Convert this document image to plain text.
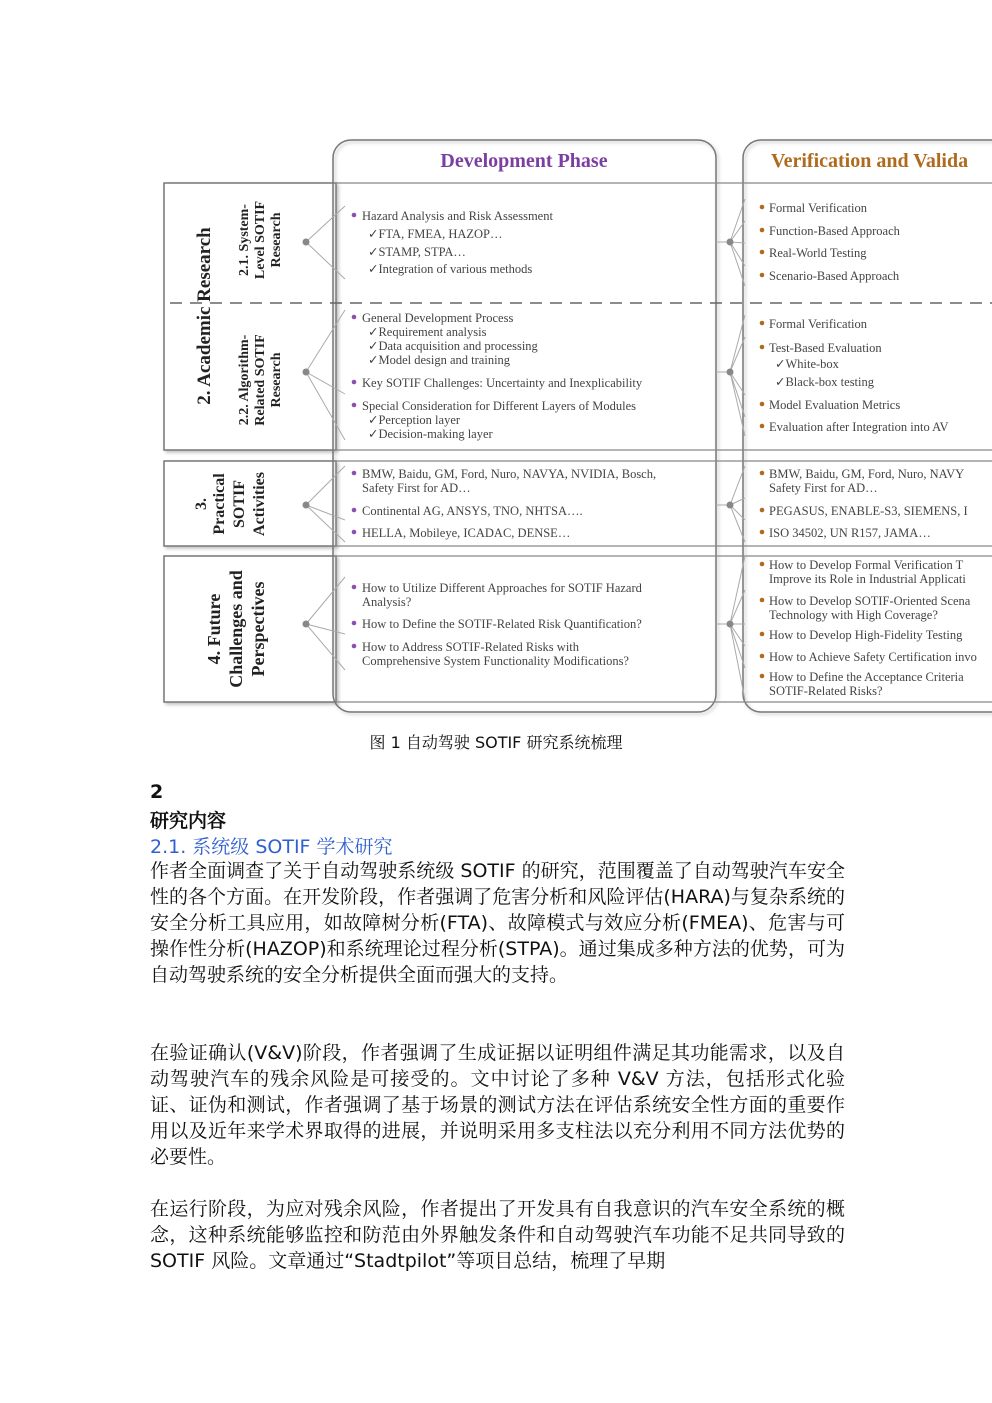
Development Phase	Verification and Valida
2. Academic Research 2.1. System- Level SOTIF Research
2.2. Algorithm- Related SOTIF Research
3. Practical SOTIF Activities
4. Future Challenges and Perspectives
Hazard Analysis and Risk Assessment
✓FTA, FMEA, HAZOP…
✓STAMP, STPA…
✓Integration of various methods
General Development Process
✓Requirement analysis
✓Data acquisition and processing
✓Model design and training
Key SOTIF Challenges: Uncertainty and Inexplicability
Special Consideration for Different Layers of Modules
✓Perception layer
✓Decision-making layer
BMW, Baidu, GM, Ford, Nuro, NAVYA, NVIDIA, Bosch,
Safety First for AD…
Continental AG, ANSYS, TNO, NHTSA….
HELLA, Mobileye, ICADAC, DENSE…
How to Utilize Different Approaches for SOTIF Hazard
Analysis?
How to Define the SOTIF-Related Risk Quantification?
How to Address SOTIF-Related Risks with
Comprehensive System Functionality Modifications?
Formal Verification
Function-Based Approach
Real-World Testing
Scenario-Based Approach
Formal Verification
Test-Based Evaluation
✓White-box
✓Black-box testing
Model Evaluation Metrics
Evaluation after Integration into AV
BMW, Baidu, GM, Ford, Nuro, NAVY
Safety First for AD…
PEGASUS, ENABLE-S3, SIEMENS, I
ISO 34502, UN R157, JAMA…
How to Develop Formal Verification T
Improve its Role in Industrial Applicati
How to Develop SOTIF-Oriented Scena
Technology with High Coverage?
How to Develop High-Fidelity Testing
How to Achieve Safety Certification invo
How to Define the Acceptance Criteria
SOTIF-Related Risks?
图 1 自动驾驶 SOTIF 研究系统梳理
2
研究内容
2.1. 系统级 SOTIF 学术研究

作者全面调查了关于自动驾驶系统级 SOTIF 的研究，范围覆盖了自动驾驶汽车安全性的各个方面。在开发阶段，作者强调了危害分析和风险评估(HARA)与复杂系统的安全分析工具应用，如故障树分析(FTA)、故障模式与效应分析(FMEA)、危害与可操作性分析(HAZOP)和系统理论过程分析(STPA)。通过集成多种方法的优势，可为自动驾驶系统的安全分析提供全面而强大的支持。

在验证确认(V&V)阶段，作者强调了生成证据以证明组件满足其功能需求，以及自动驾驶汽车的残余风险是可接受的。文中讨论了多种 V&V 方法，包括形式化验证、证伪和测试，作者强调了基于场景的测试方法在评估系统安全性方面的重要作用以及近年来学术界取得的进展，并说明采用多支柱法以充分利用不同方法优势的必要性。

在运行阶段，为应对残余风险，作者提出了开发具有自我意识的汽车安全系统的概念，这种系统能够监控和防范由外界触发条件和自动驾驶汽车功能不足共同导致的 SOTIF 风险。文章通过“Stadtpilot”等项目总结，梳理了早期
